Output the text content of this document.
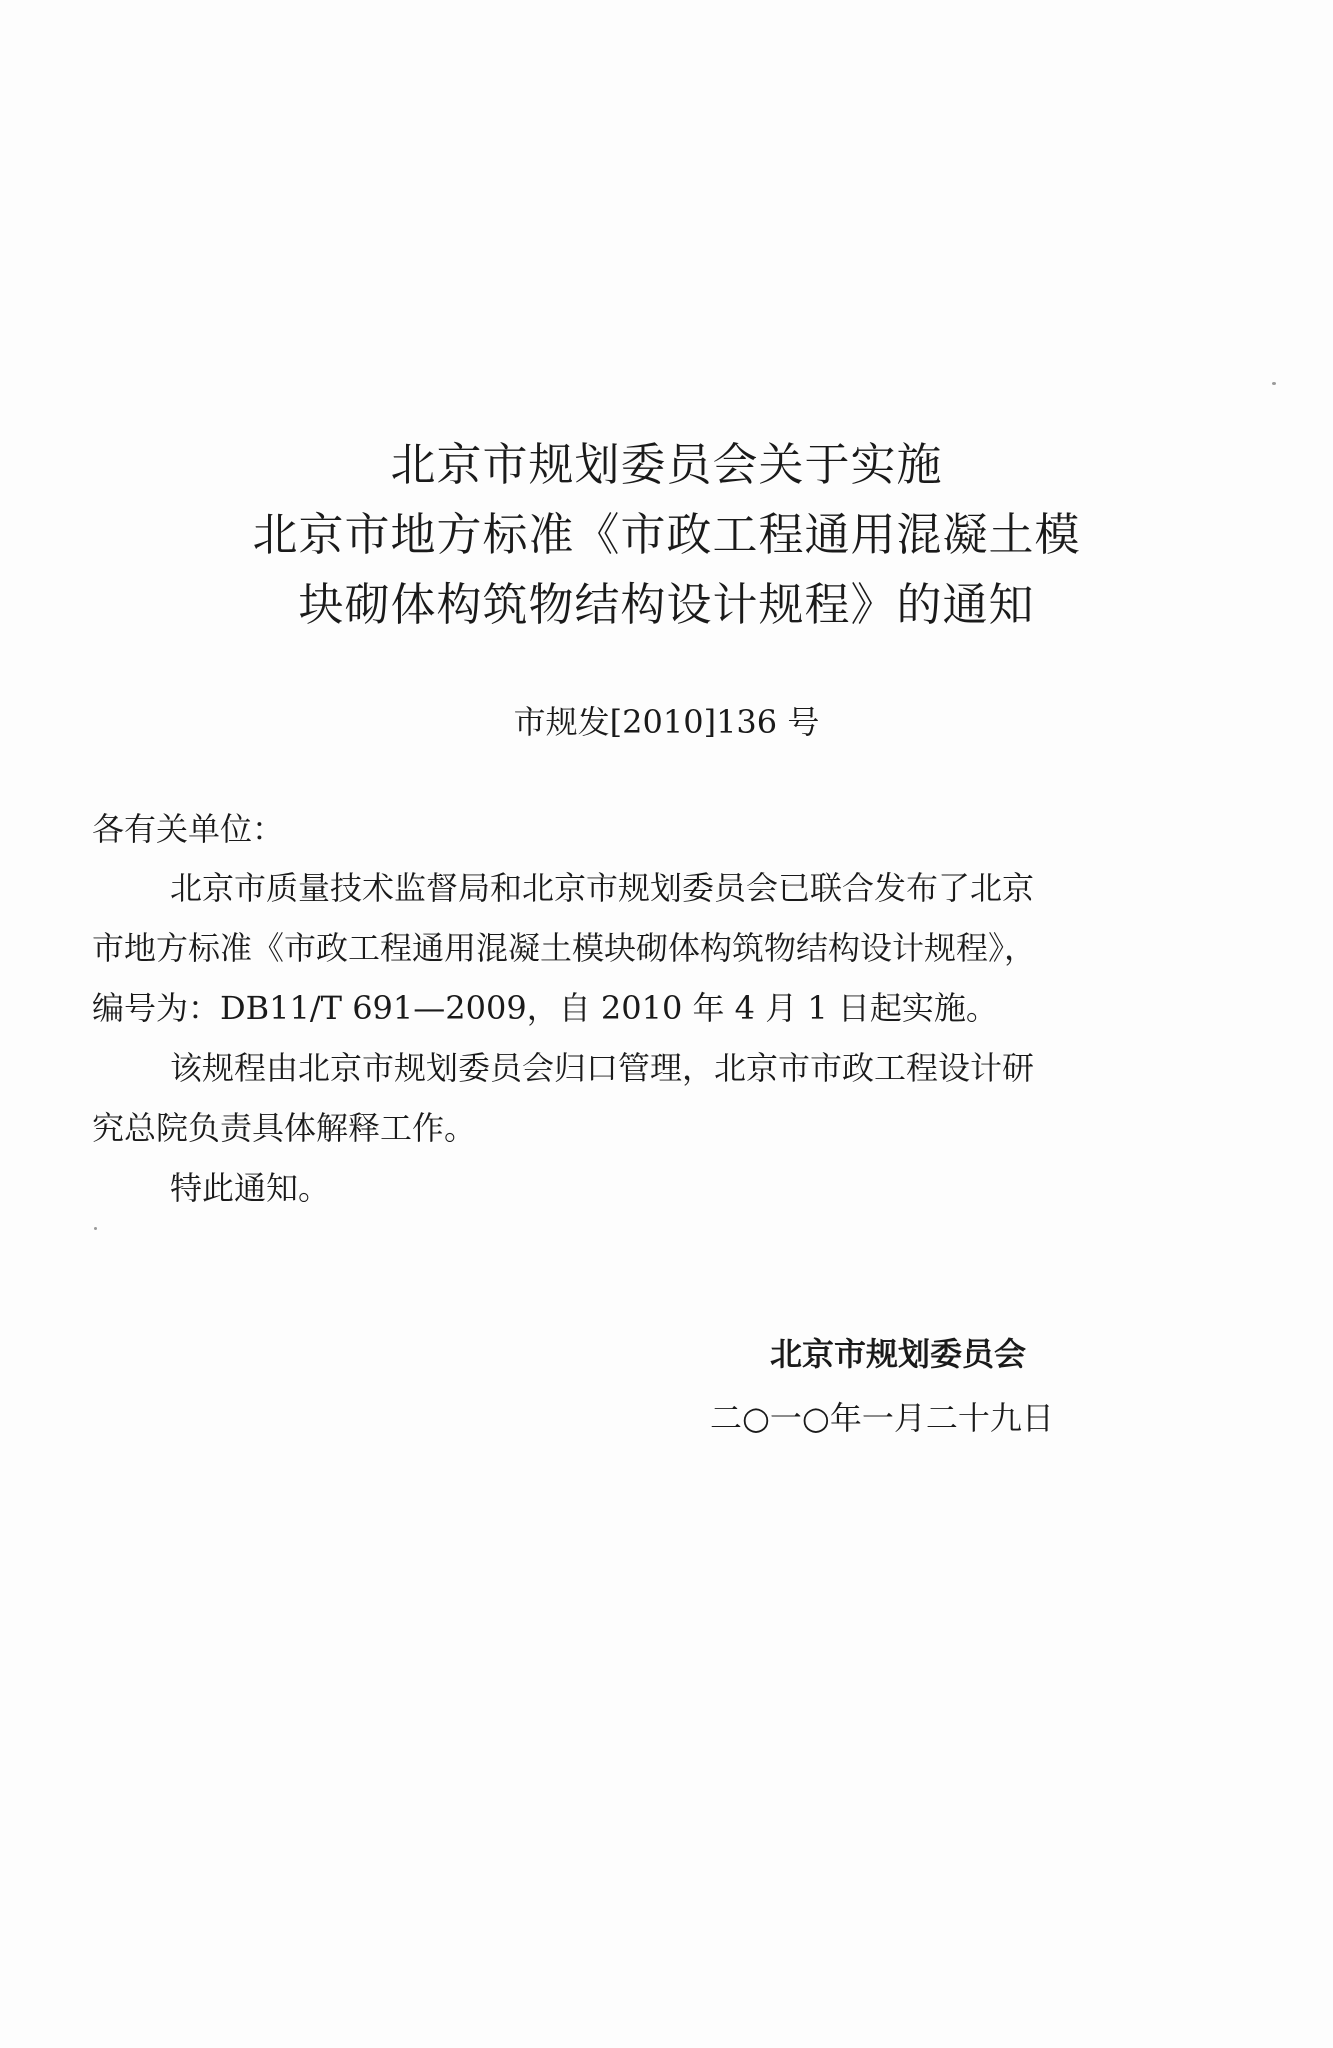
北京市规划委员会关于实施
北京市地方标准《市政工程通用混凝土模
块砌体构筑物结构设计规程》的通知
市规发[2010]136 号
各有关单位：
北京市质量技术监督局和北京市规划委员会已联合发布了北京
市地方标准《市政工程通用混凝土模块砌体构筑物结构设计规程》，
编号为：DB11/T 691—2009，自 2010 年 4 月 1 日起实施。
该规程由北京市规划委员会归口管理，北京市市政工程设计研
究总院负责具体解释工作。
特此通知。
北京市规划委员会
二○一○年一月二十九日
